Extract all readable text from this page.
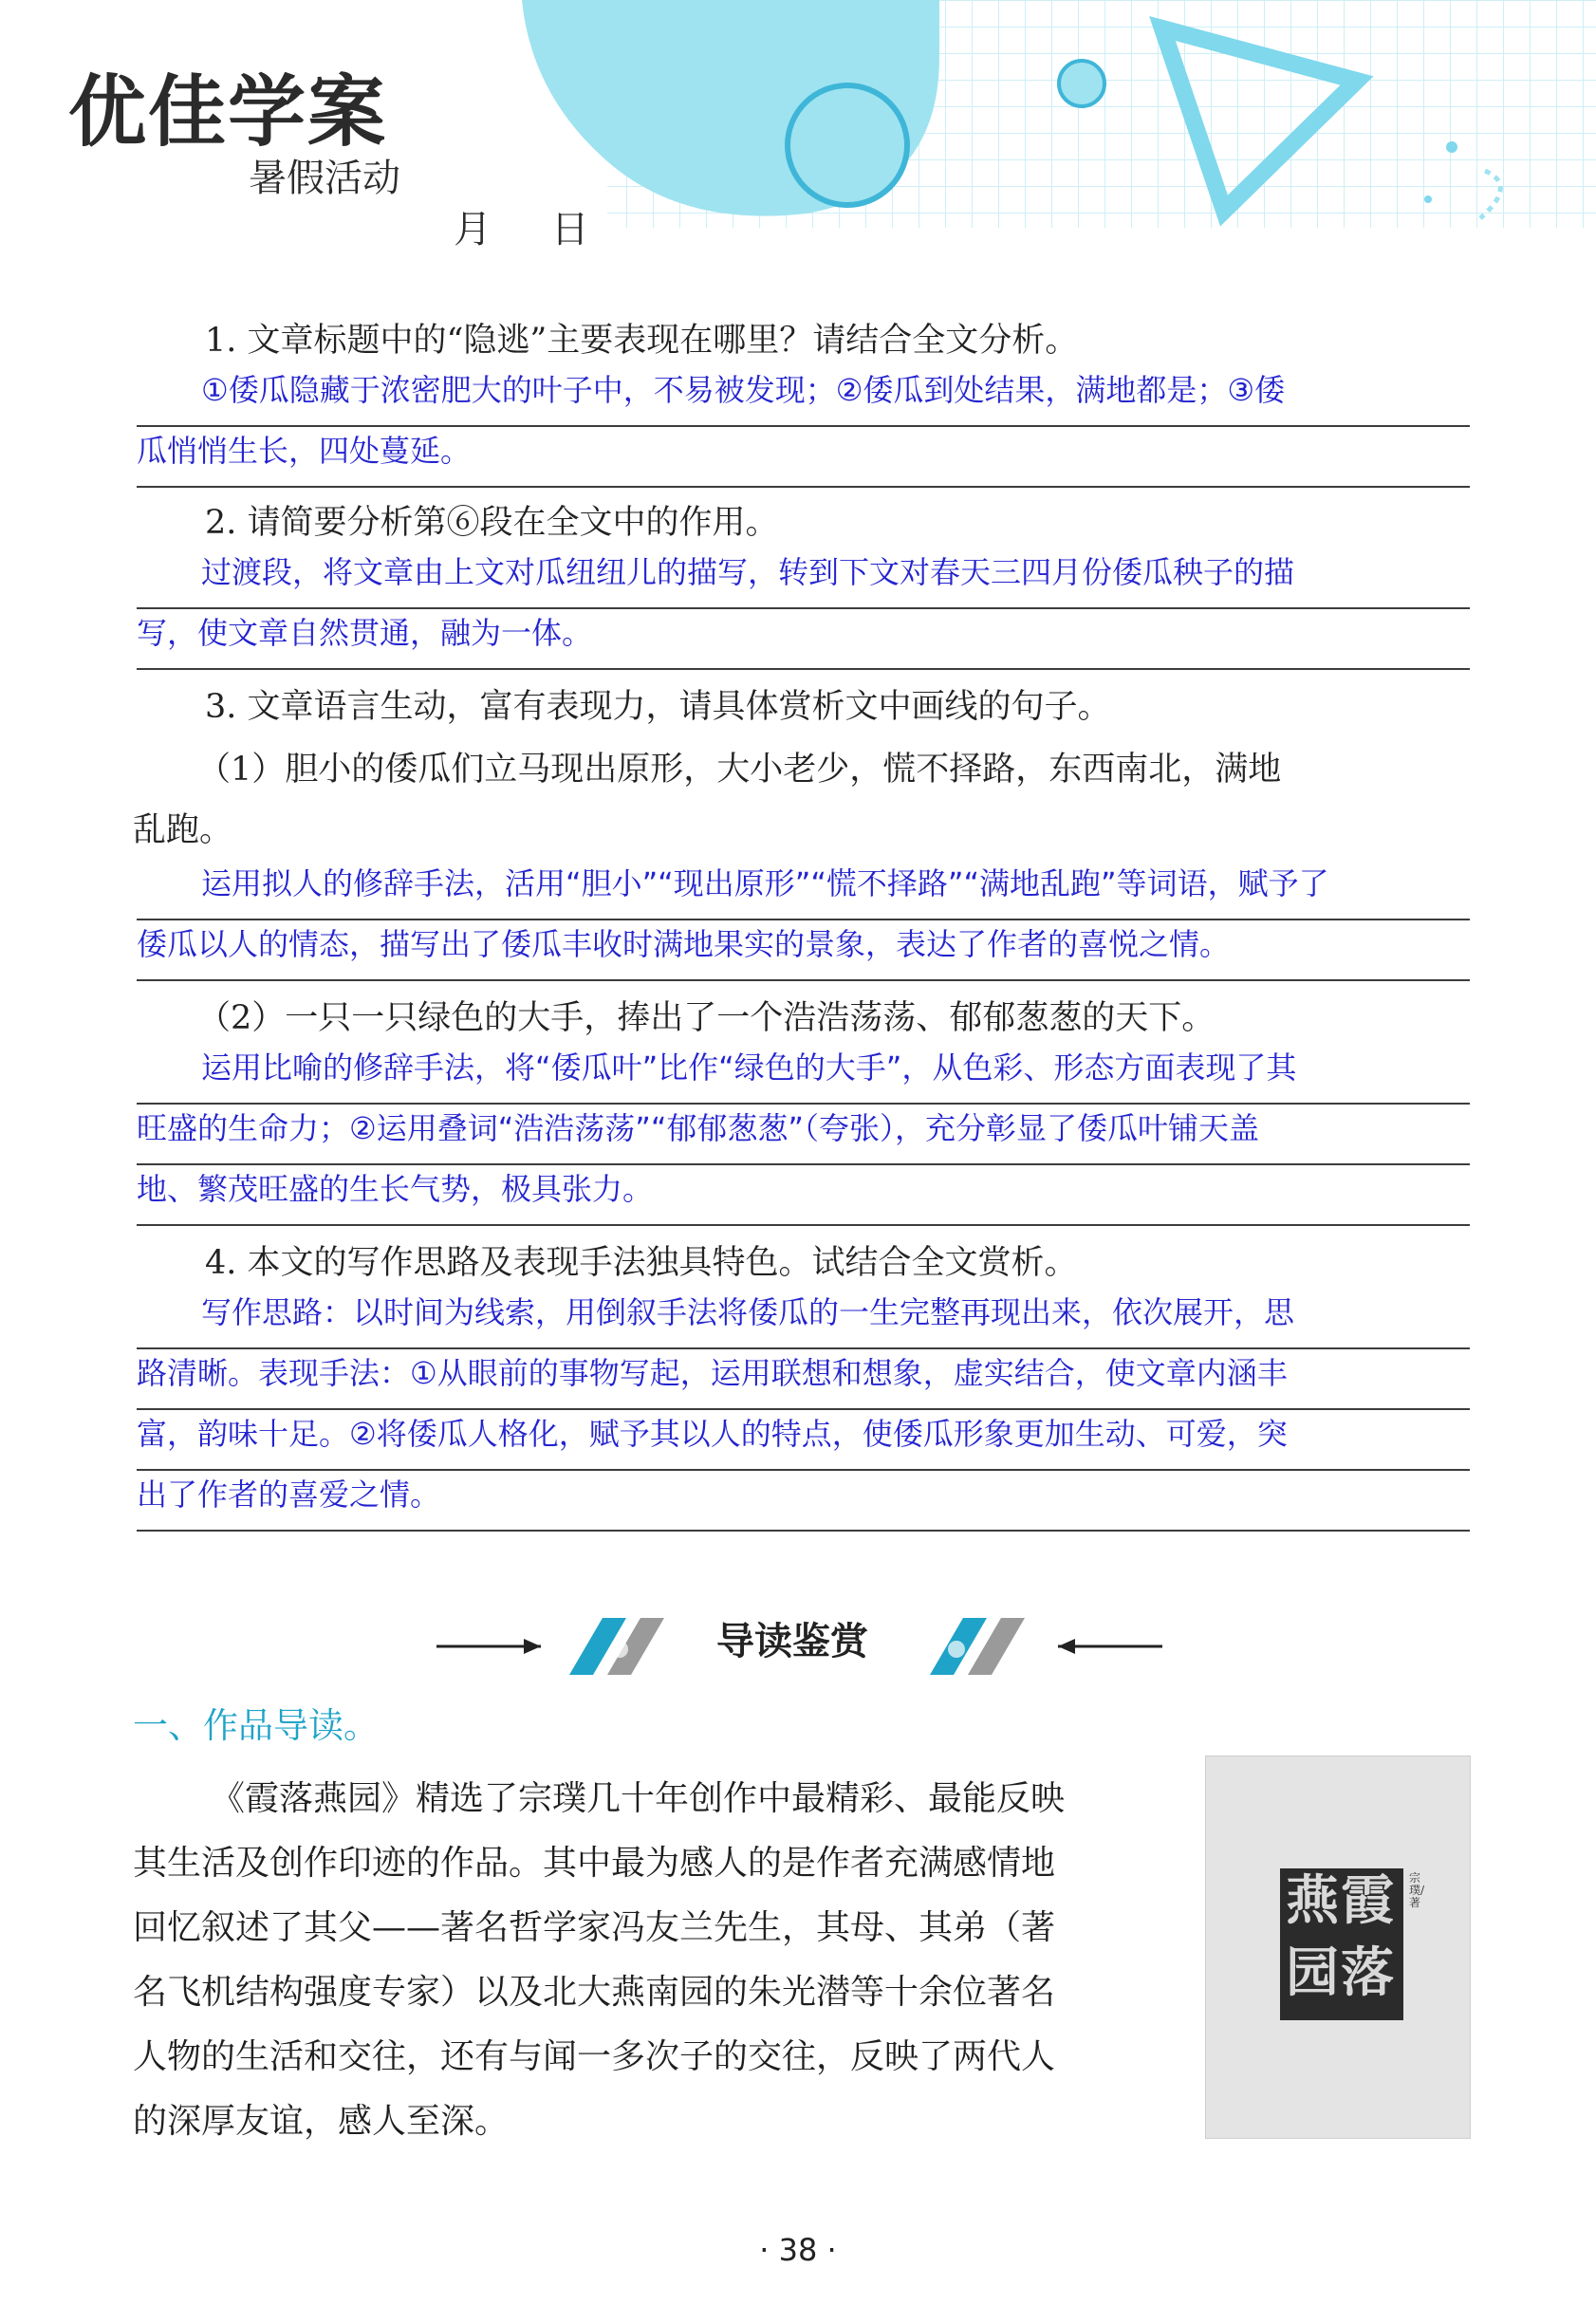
优佳学案
暑假活动
月 日
1. 文章标题中的“隐逃”主要表现在哪里？请结合全文分析。
①倭瓜隐藏于浓密肥大的叶子中，不易被发现；②倭瓜到处结果，满地都是；③倭
瓜悄悄生长，四处蔓延。
2. 请简要分析第⑥段在全文中的作用。
过渡段，将文章由上文对瓜纽纽儿的描写，转到下文对春天三四月份倭瓜秧子的描
写，使文章自然贯通，融为一体。
3. 文章语言生动，富有表现力，请具体赏析文中画线的句子。
（1）胆小的倭瓜们立马现出原形，大小老少，慌不择路，东西南北，满地
乱跑。
运用拟人的修辞手法，活用“胆小”“现出原形”“慌不择路”“满地乱跑”等词语，赋予了
倭瓜以人的情态，描写出了倭瓜丰收时满地果实的景象，表达了作者的喜悦之情。
（2）一只一只绿色的大手，捧出了一个浩浩荡荡、郁郁葱葱的天下。
运用比喻的修辞手法，将“倭瓜叶”比作“绿色的大手”，从色彩、形态方面表现了其
旺盛的生命力；②运用叠词“浩浩荡荡”“郁郁葱葱”（夸张），充分彰显了倭瓜叶铺天盖
地、繁茂旺盛的生长气势，极具张力。
4. 本文的写作思路及表现手法独具特色。试结合全文赏析。
写作思路：以时间为线索，用倒叙手法将倭瓜的一生完整再现出来，依次展开，思
路清晰。表现手法：①从眼前的事物写起，运用联想和想象，虚实结合，使文章内涵丰
富，韵味十足。②将倭瓜人格化，赋予其以人的特点，使倭瓜形象更加生动、可爱，突
出了作者的喜爱之情。
导读鉴赏
一、作品导读。
《霞落燕园》精选了宗璞几十年创作中最精彩、最能反映
其生活及创作印迹的作品。其中最为感人的是作者充满感情地
回忆叙述了其父——著名哲学家冯友兰先生，其母、其弟（著
名飞机结构强度专家）以及北大燕南园的朱光潜等十余位著名
人物的生活和交往，还有与闻一多次子的交往，反映了两代人
的深厚友谊，感人至深。
霞
落
燕
园
宗璞/著
· 38 ·
